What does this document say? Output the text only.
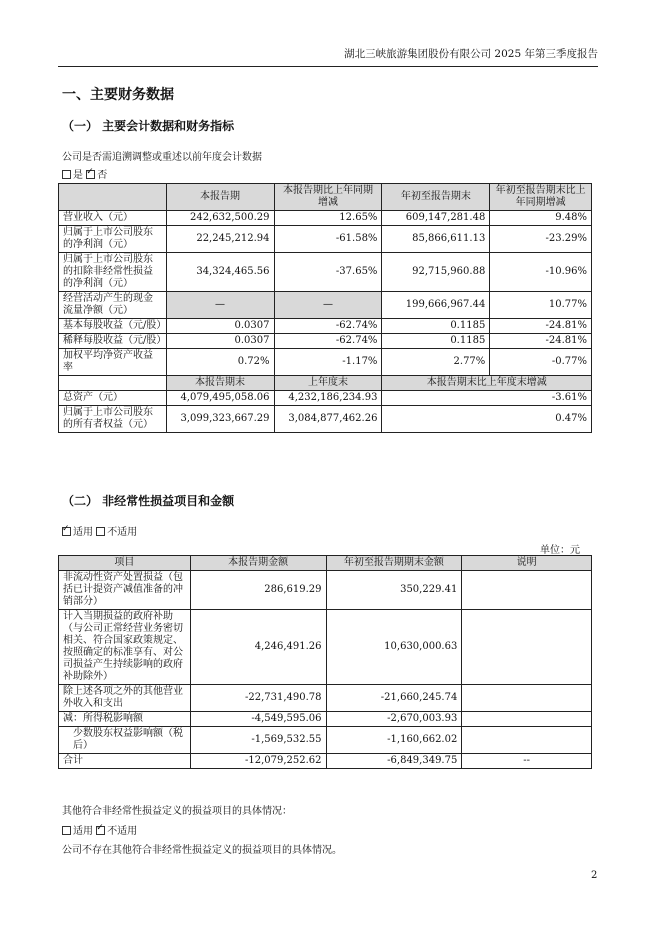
湖北三峡旅游集团股份有限公司 2025 年第三季度报告
一、主要财务数据
（一） 主要会计数据和财务指标
公司是否需追溯调整或重述以前年度会计数据
是 ✓ 否
	本报告期	本报告期比上年同期增减	年初至报告期末	年初至报告期末比上年同期增减
营业收入（元）	242,632,500.29	12.65%	609,147,281.48	9.48%
归属于上市公司股东的净利润（元）	22,245,212.94	-61.58%	85,866,611.13	-23.29%
归属于上市公司股东的扣除非经常性损益的净利润（元）	34,324,465.56	-37.65%	92,715,960.88	-10.96%
经营活动产生的现金流量净额（元）	—	—	199,666,967.44	10.77%
基本每股收益（元/股）	0.0307	-62.74%	0.1185	-24.81%
稀释每股收益（元/股）	0.0307	-62.74%	0.1185	-24.81%
加权平均净资产收益率	0.72%	-1.17%	2.77%	-0.77%
	本报告期末	上年度末	本报告期末比上年度末增减	
总资产（元）	4,079,495,058.06	4,232,186,234.93	-3.61%	
归属于上市公司股东的所有者权益（元）	3,099,323,667.29	3,084,877,462.26	0.47%	
（二） 非经常性损益项目和金额
✓适用 不适用
单位：元
项目	本报告期金额	年初至报告期期末金额	说明
非流动性资产处置损益（包括已计提资产减值准备的冲销部分）	286,619.29	350,229.41	
计入当期损益的政府补助（与公司正常经营业务密切相关、符合国家政策规定、按照确定的标准享有、对公司损益产生持续影响的政府补助除外）	4,246,491.26	10,630,000.63	
除上述各项之外的其他营业外收入和支出	-22,731,490.78	-21,660,245.74	
减：所得税影响额	-4,549,595.06	-2,670,003.93	
少数股东权益影响额（税后）	-1,569,532.55	-1,160,662.02	
合计	-12,079,252.62	-6,849,349.75	--
其他符合非经常性损益定义的损益项目的具体情况：
适用 ✓ 不适用
公司不存在其他符合非经常性损益定义的损益项目的具体情况。
2
